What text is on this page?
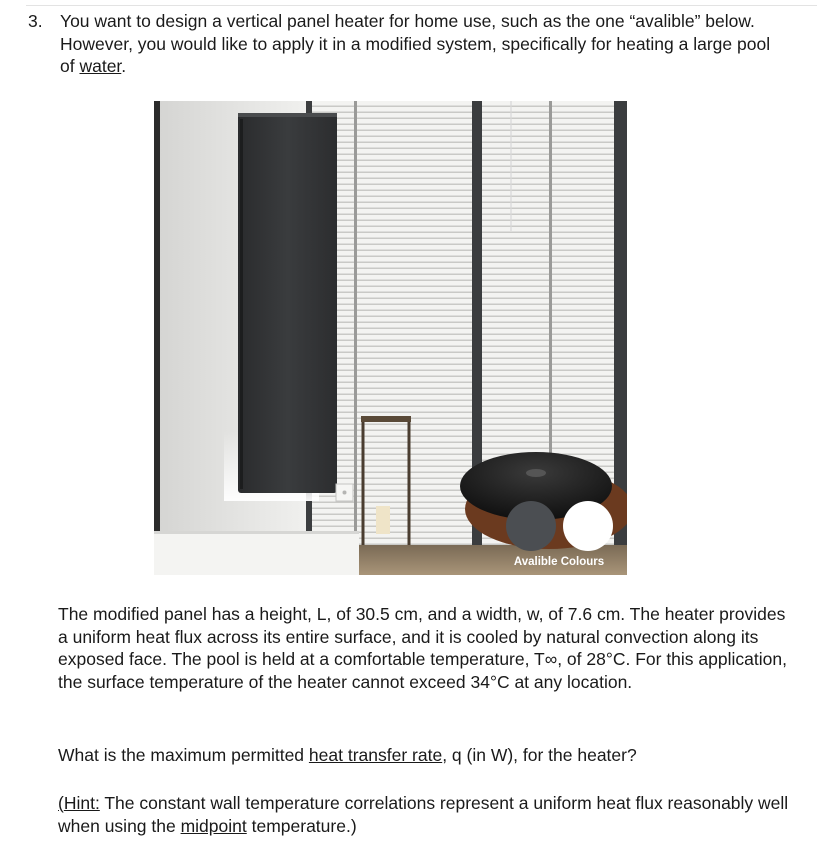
3. You want to design a vertical panel heater for home use, such as the one “avalible” below. However, you would like to apply it in a modified system, specifically for heating a large pool of water.
Avalible Colours
The modified panel has a height, L, of 30.5 cm, and a width, w, of 7.6 cm. The heater provides a uniform heat flux across its entire surface, and it is cooled by natural convection along its exposed face. The pool is held at a comfortable temperature, T∞, of 28°C. For this application, the surface temperature of the heater cannot exceed 34°C at any location.
What is the maximum permitted heat transfer rate, q (in W), for the heater?
(Hint: The constant wall temperature correlations represent a uniform heat flux reasonably well when using the midpoint temperature.)
